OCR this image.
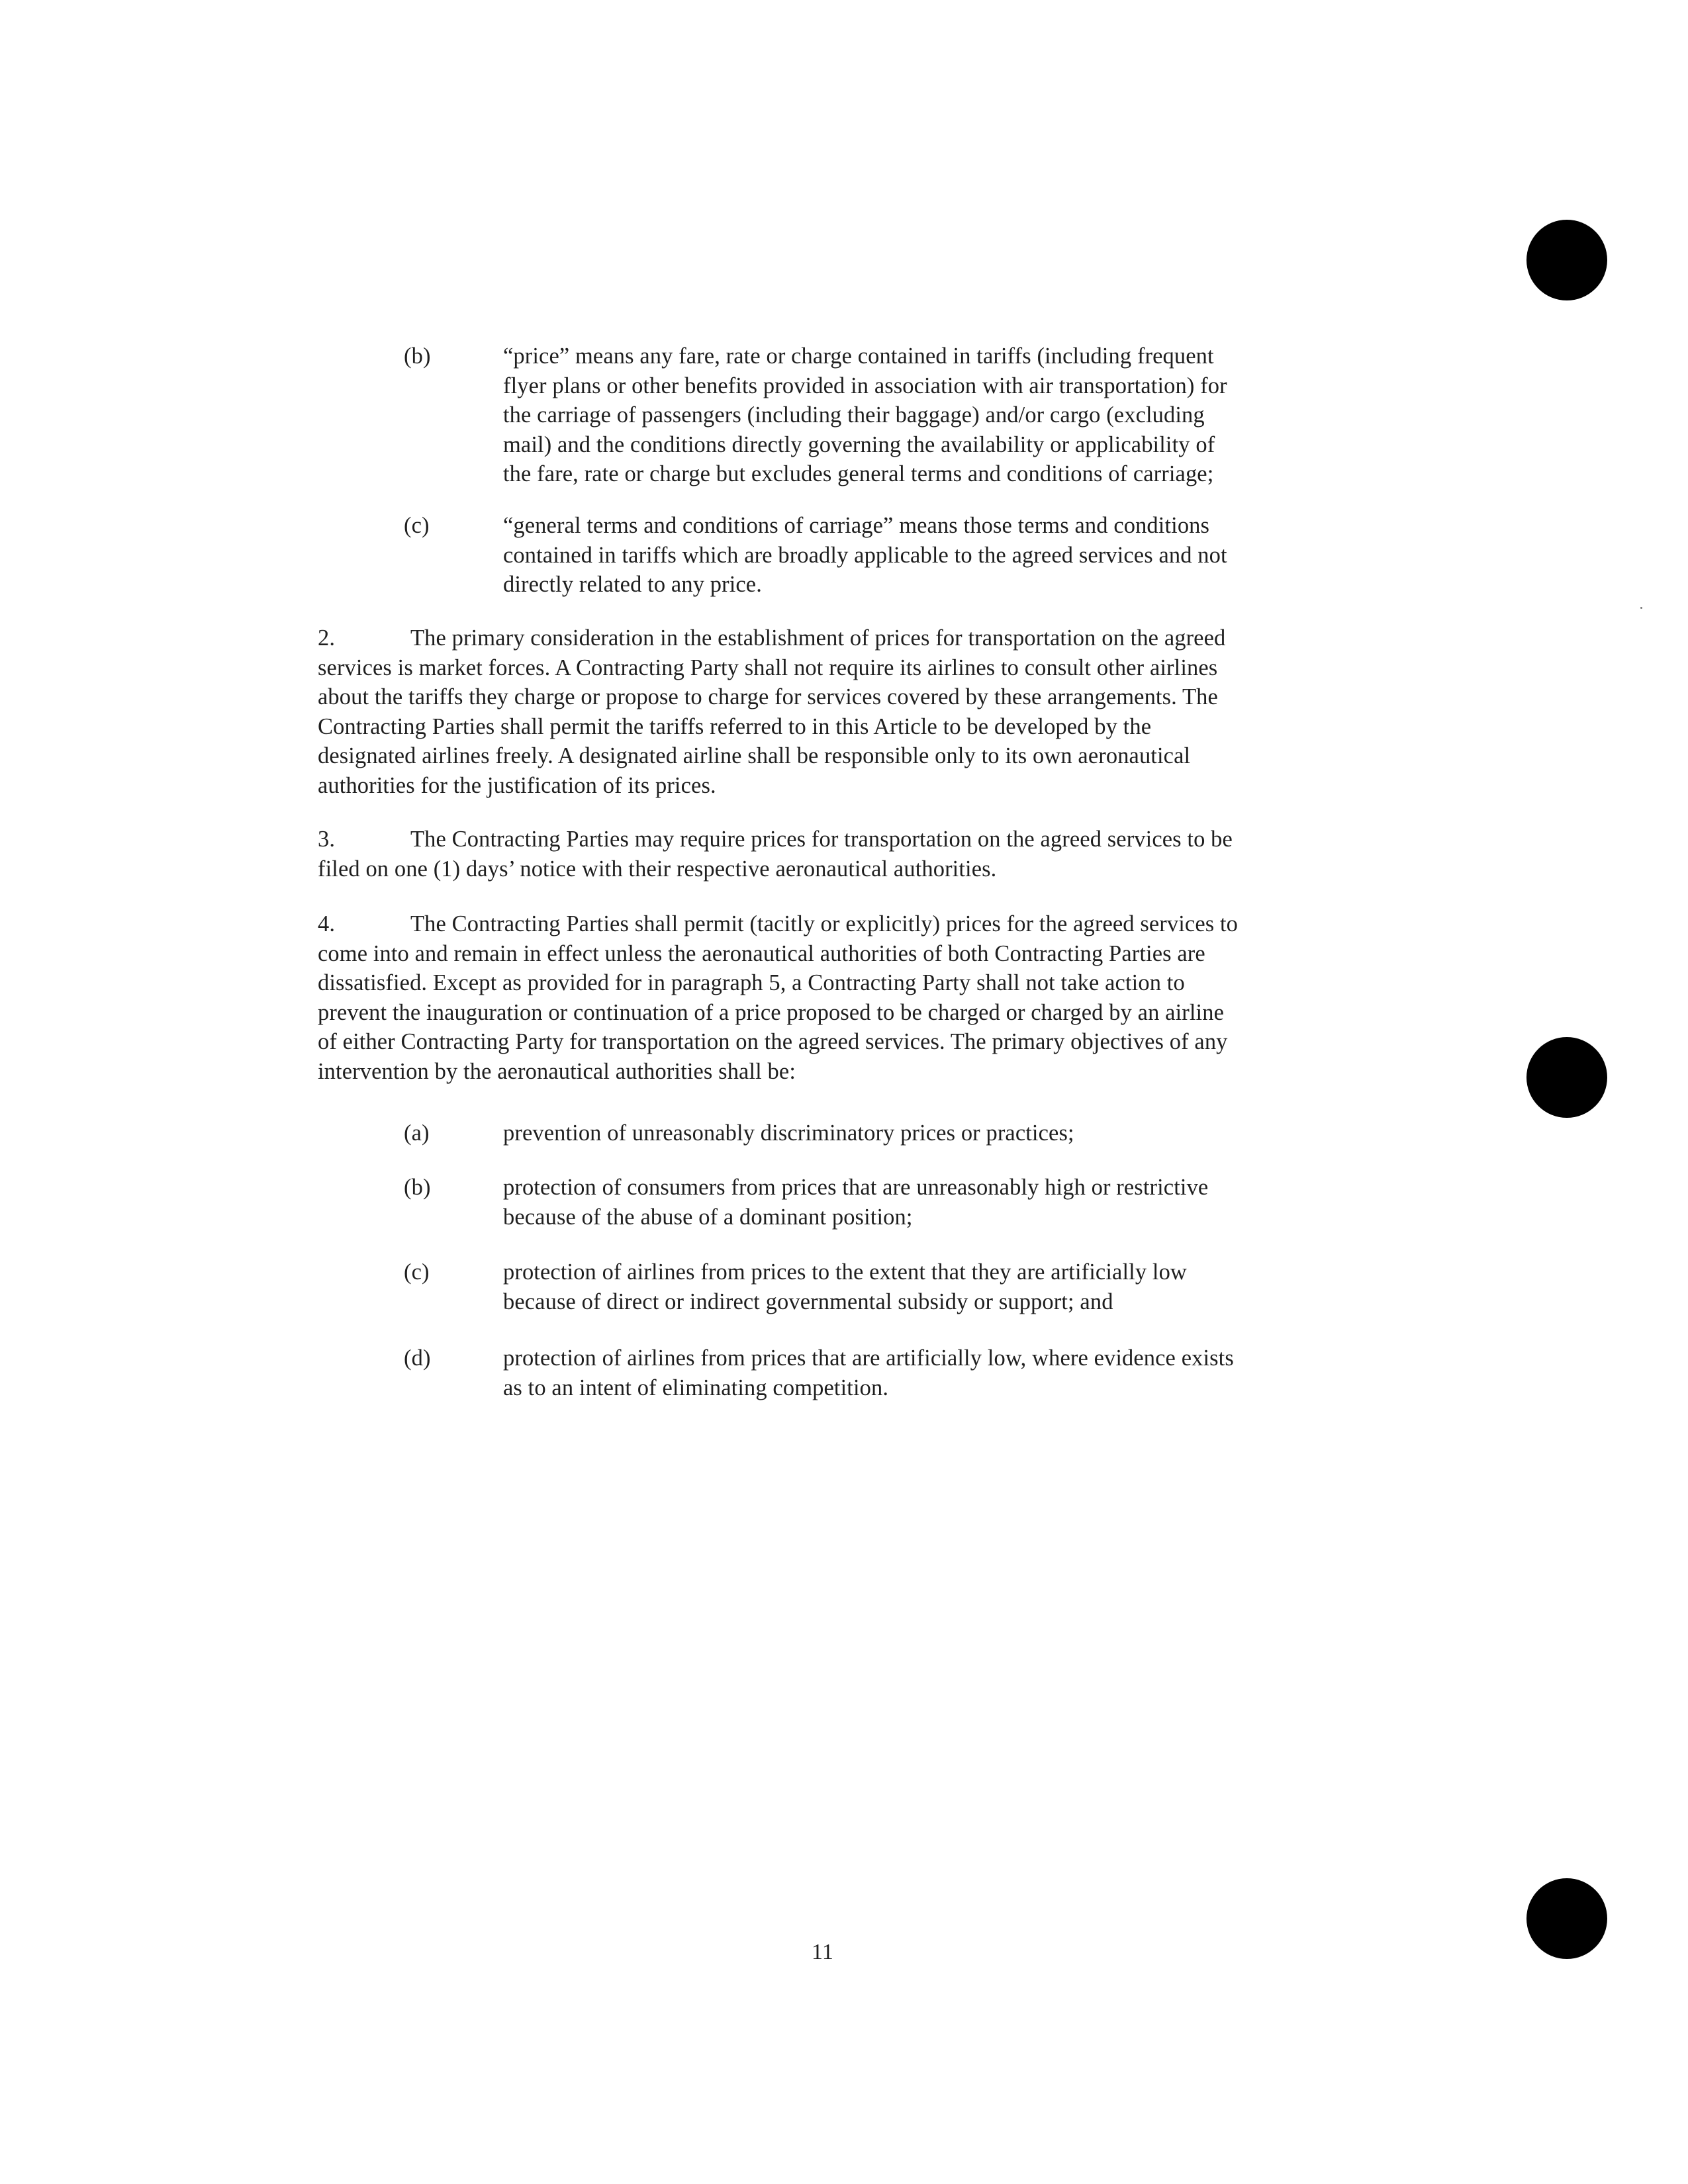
(b)	“price” means any fare, rate or charge contained in tariffs (including frequent
flyer plans or other benefits provided in association with air transportation) for
the carriage of passengers (including their baggage) and/or cargo (excluding
mail) and the conditions directly governing the availability or applicability of
the fare, rate or charge but excludes general terms and conditions of carriage;
(c)	“general terms and conditions of carriage” means those terms and conditions
contained in tariffs which are broadly applicable to the agreed services and not
directly related to any price.
2.	The primary consideration in the establishment of prices for transportation on the agreed
services is market forces. A Contracting Party shall not require its airlines to consult other airlines
about the tariffs they charge or propose to charge for services covered by these arrangements. The
Contracting Parties shall permit the tariffs referred to in this Article to be developed by the
designated airlines freely. A designated airline shall be responsible only to its own aeronautical
authorities for the justification of its prices.
3.	The Contracting Parties may require prices for transportation on the agreed services to be
filed on one (1) days’ notice with their respective aeronautical authorities.
4.	The Contracting Parties shall permit (tacitly or explicitly) prices for the agreed services to
come into and remain in effect unless the aeronautical authorities of both Contracting Parties are
dissatisfied. Except as provided for in paragraph 5, a Contracting Party shall not take action to
prevent the inauguration or continuation of a price proposed to be charged or charged by an airline
of either Contracting Party for transportation on the agreed services. The primary objectives of any
intervention by the aeronautical authorities shall be:
(a)	prevention of unreasonably discriminatory prices or practices;
(b)	protection of consumers from prices that are unreasonably high or restrictive
because of the abuse of a dominant position;
(c)	protection of airlines from prices to the extent that they are artificially low
because of direct or indirect governmental subsidy or support; and
(d)	protection of airlines from prices that are artificially low, where evidence exists
as to an intent of eliminating competition.
11
